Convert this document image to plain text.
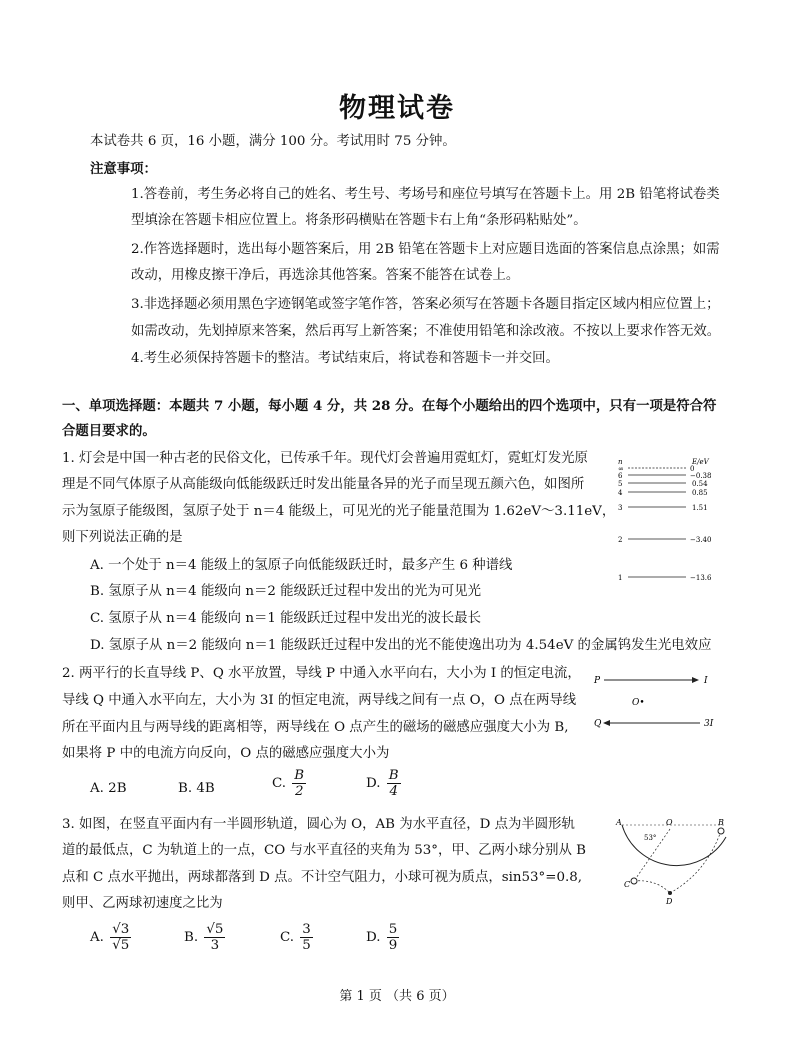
物理试卷
本试卷共 6 页，16 小题，满分 100 分。考试用时 75 分钟。
注意事项：
1.答卷前，考生务必将自己的姓名、考生号、考场号和座位号填写在答题卡上。用 2B 铅笔将试卷类
型填涂在答题卡相应位置上。将条形码横贴在答题卡右上角“条形码粘贴处”。
2.作答选择题时，选出每小题答案后，用 2B 铅笔在答题卡上对应题目选面的答案信息点涂黑；如需
改动，用橡皮擦干净后，再选涂其他答案。答案不能答在试卷上。
3.非选择题必须用黑色字迹钢笔或签字笔作答，答案必须写在答题卡各题目指定区域内相应位置上；
如需改动，先划掉原来答案，然后再写上新答案；不准使用铅笔和涂改液。不按以上要求作答无效。
4.考生必须保持答题卡的整洁。考试结束后，将试卷和答题卡一并交回。
一、单项选择题：本题共 7 小题，每小题 4 分，共 28 分。在每个小题给出的四个选项中，只有一项是符合符
合题目要求的。
1. 灯会是中国一种古老的民俗文化，已传承千年。现代灯会普遍用霓虹灯，霓虹灯发光原
理是不同气体原子从高能级向低能级跃迁时发出能量各异的光子而呈现五颜六色，如图所
示为氢原子能级图，氢原子处于 n＝4 能级上，可见光的光子能量范围为 1.62eV～3.11eV，
则下列说法正确的是
A. 一个处于 n＝4 能级上的氢原子向低能级跃迁时，最多产生 6 种谱线
B. 氢原子从 n＝4 能级向 n＝2 能级跃迁过程中发出的光为可见光
C. 氢原子从 n＝4 能级向 n＝1 能级跃迁过程中发出光的波长最长
D. 氢原子从 n＝2 能级向 n＝1 能级跃迁过程中发出的光不能使逸出功为 4.54eV 的金属钨发生光电效应
n	E/eV
∞	0
6	−0.38
5	0.54
4	0.85
3	1.51
2	−3.40
1	−13.6
2. 两平行的长直导线 P、Q 水平放置，导线 P 中通入水平向右，大小为 I 的恒定电流，
导线 Q 中通入水平向左，大小为 3I 的恒定电流，两导线之间有一点 O，O 点在两导线
所在平面内且与两导线的距离相等，两导线在 O 点产生的磁场的磁感应强度大小为 B,
如果将 P 中的电流方向反向，O 点的磁感应强度大小为
A. 2B	B. 4B	C. $\frac{B}{2}$	D. $\frac{B}{4}$
P	I
O•
Q	3I
3. 如图，在竖直平面内有一半圆形轨道，圆心为 O，AB 为水平直径，D 点为半圆形轨
道的最低点，C 为轨道上的一点，CO 与水平直径的夹角为 53°，甲、乙两小球分别从 B
点和 C 点水平抛出，两球都落到 D 点。不计空气阻力，小球可视为质点，sin53°=0.8,
则甲、乙两球初速度之比为
A. $\frac{√3}{√5}$	B. $\frac{√5}{3}$	C. $\frac{3}{5}$	D. $\frac{5}{9}$
A	O	B
C
D
53°
第 1 页 （共 6 页）
